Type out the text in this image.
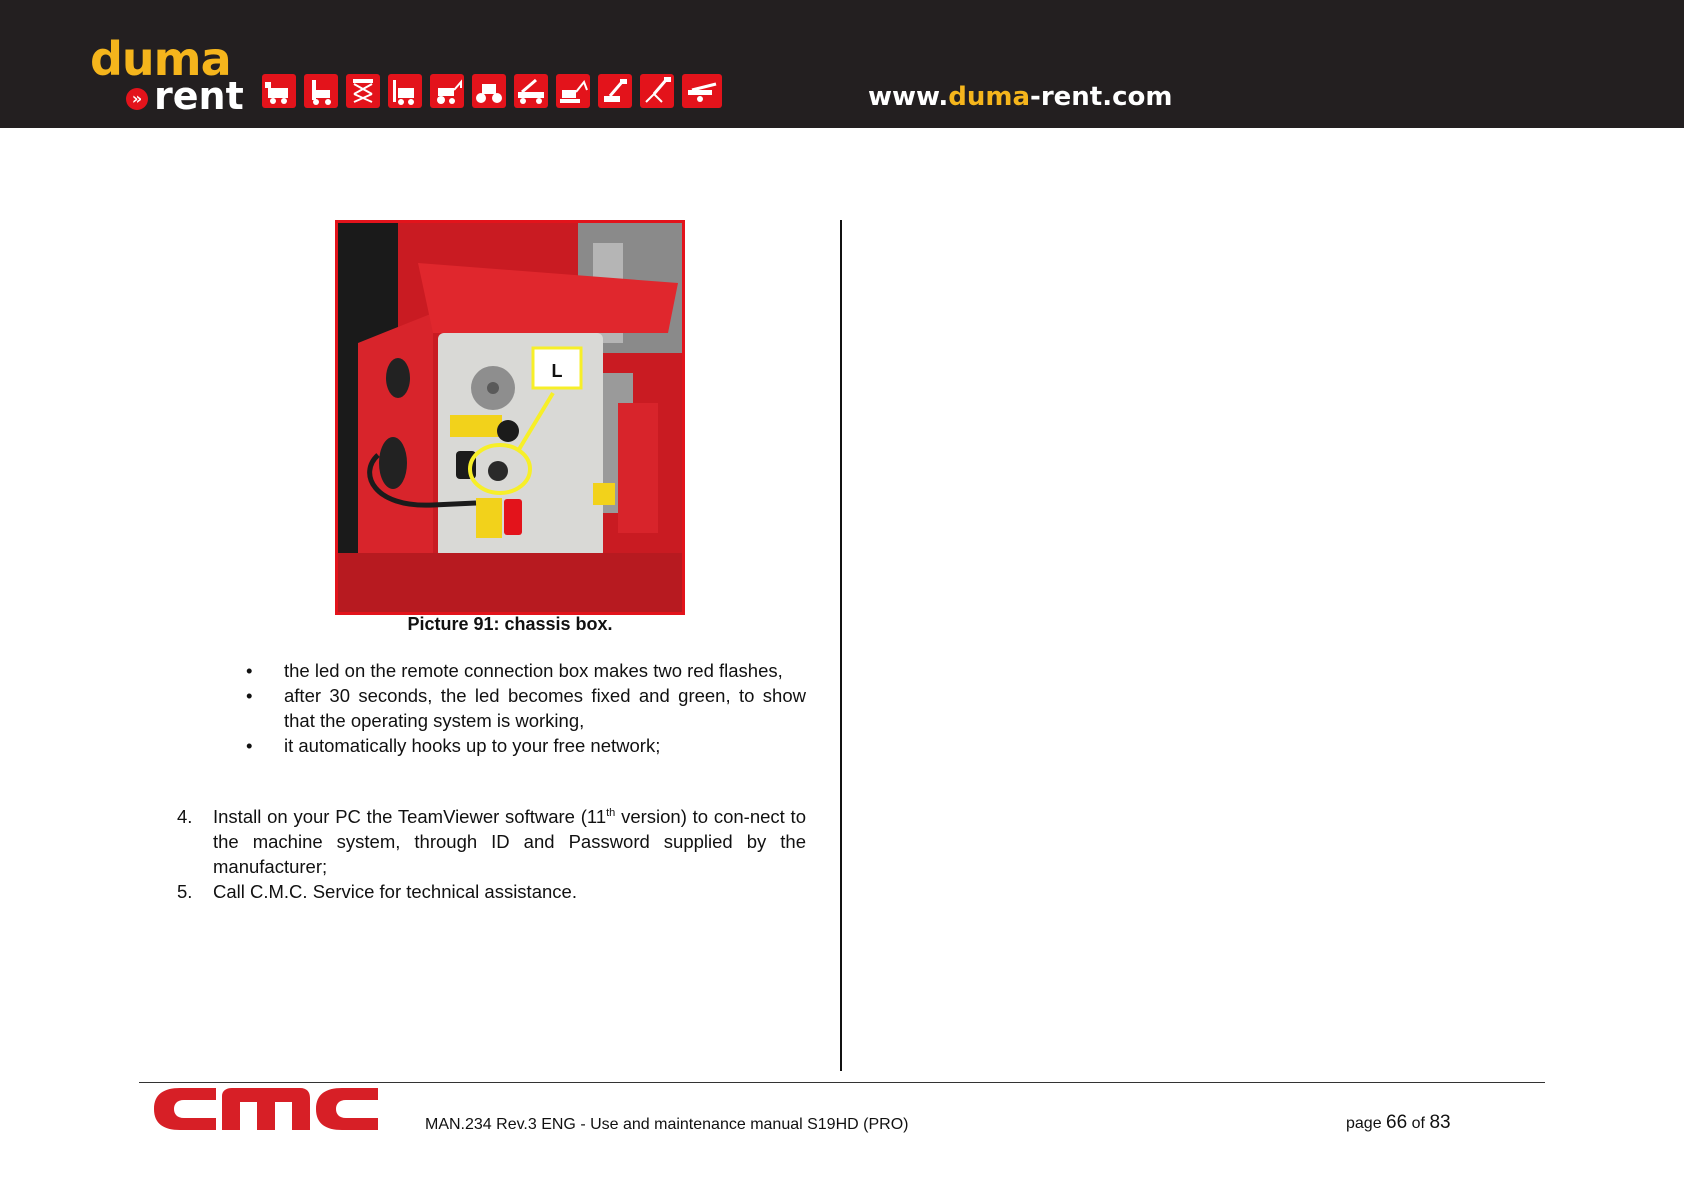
duma
» rent	www.duma-rent.com
L
Picture 91: chassis box.
• the led on the remote connection box makes two red flashes,
• after 30 seconds, the led becomes fixed and green, to show that the operating system is working,
• it automatically hooks up to your free network;
4. Install on your PC the TeamViewer software (11th version) to con-nect to the machine system, through ID and Password supplied by the manufacturer;
5. Call C.M.C. Service for technical assistance.
MAN.234 Rev.3 ENG - Use and maintenance manual S19HD (PRO)	page 66 of 83
